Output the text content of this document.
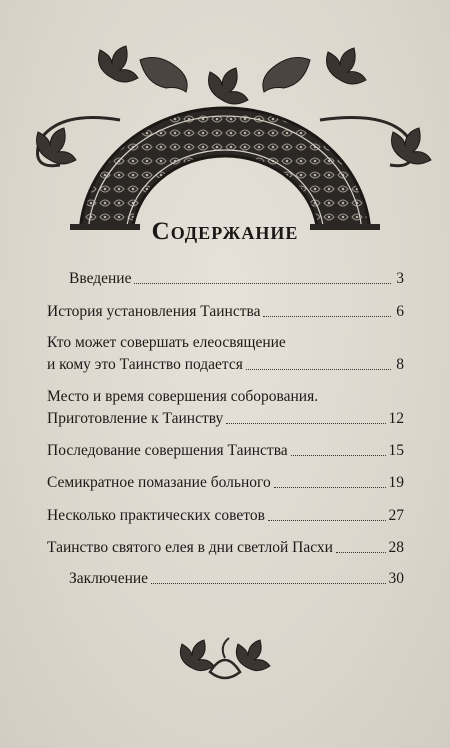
Содержание
Введение	3
История установления Таинства	6
Кто может совершать елеосвящение
и кому это Таинство подается	8
Место и время совершения соборования.
Приготовление к Таинству	12
Последование совершения Таинства	15
Семикратное помазание больного	19
Несколько практических советов	27
Таинство святого елея в дни светлой Пасхи	28
Заключение	30
